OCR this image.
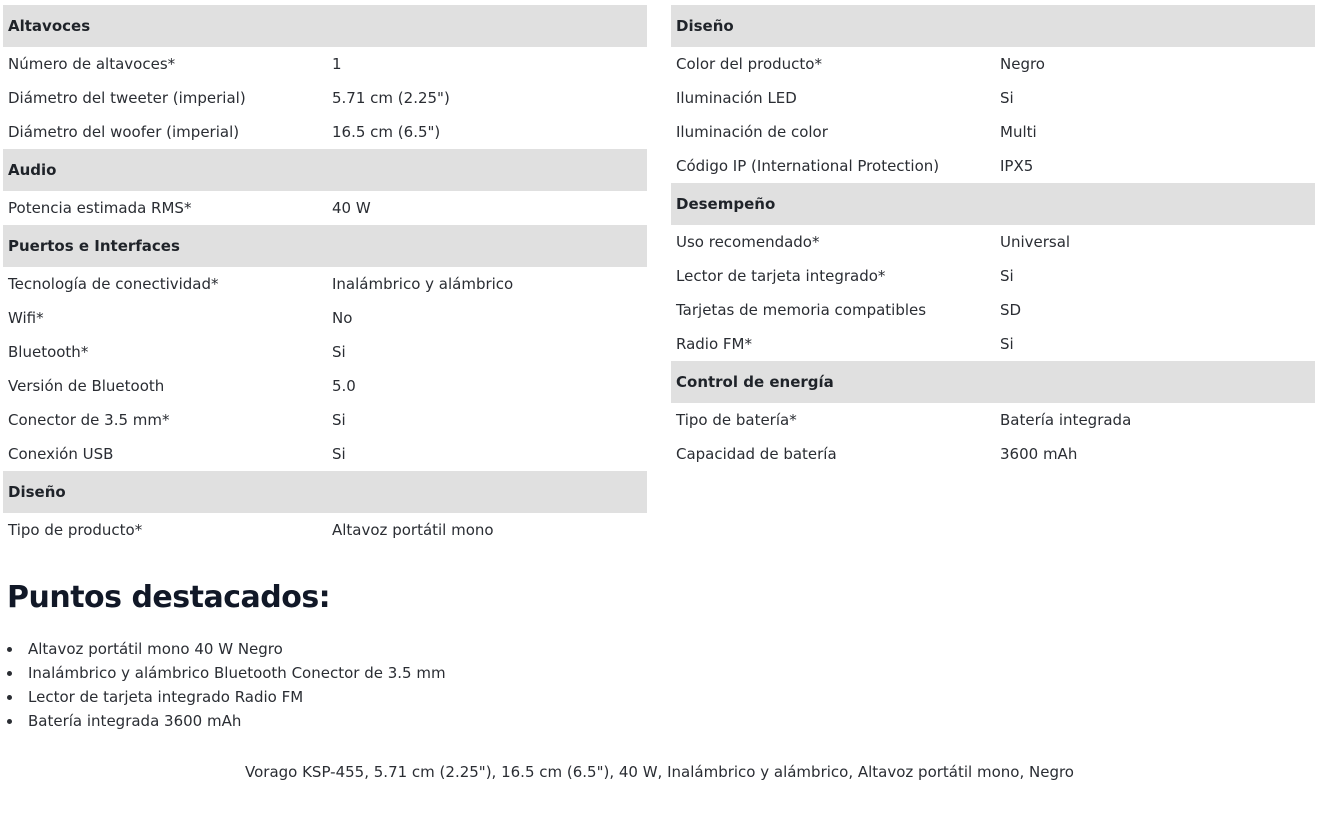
Altavoces
Número de altavoces*	1
Diámetro del tweeter (imperial)	5.71 cm (2.25")
Diámetro del woofer (imperial)	16.5 cm (6.5")
Audio
Potencia estimada RMS*	40 W
Puertos e Interfaces
Tecnología de conectividad*	Inalámbrico y alámbrico
Wifi*	No
Bluetooth*	Si
Versión de Bluetooth	5.0
Conector de 3.5 mm*	Si
Conexión USB	Si
Diseño
Tipo de producto*	Altavoz portátil mono
Diseño
Color del producto*	Negro
Iluminación LED	Si
Iluminación de color	Multi
Código IP (International Protection)	IPX5
Desempeño
Uso recomendado*	Universal
Lector de tarjeta integrado*	Si
Tarjetas de memoria compatibles	SD
Radio FM*	Si
Control de energía
Tipo de batería*	Batería integrada
Capacidad de batería	3600 mAh
Puntos destacados:
Altavoz portátil mono 40 W Negro
Inalámbrico y alámbrico Bluetooth Conector de 3.5 mm
Lector de tarjeta integrado Radio FM
Batería integrada 3600 mAh
Vorago KSP-455, 5.71 cm (2.25"), 16.5 cm (6.5"), 40 W, Inalámbrico y alámbrico, Altavoz portátil mono, Negro
